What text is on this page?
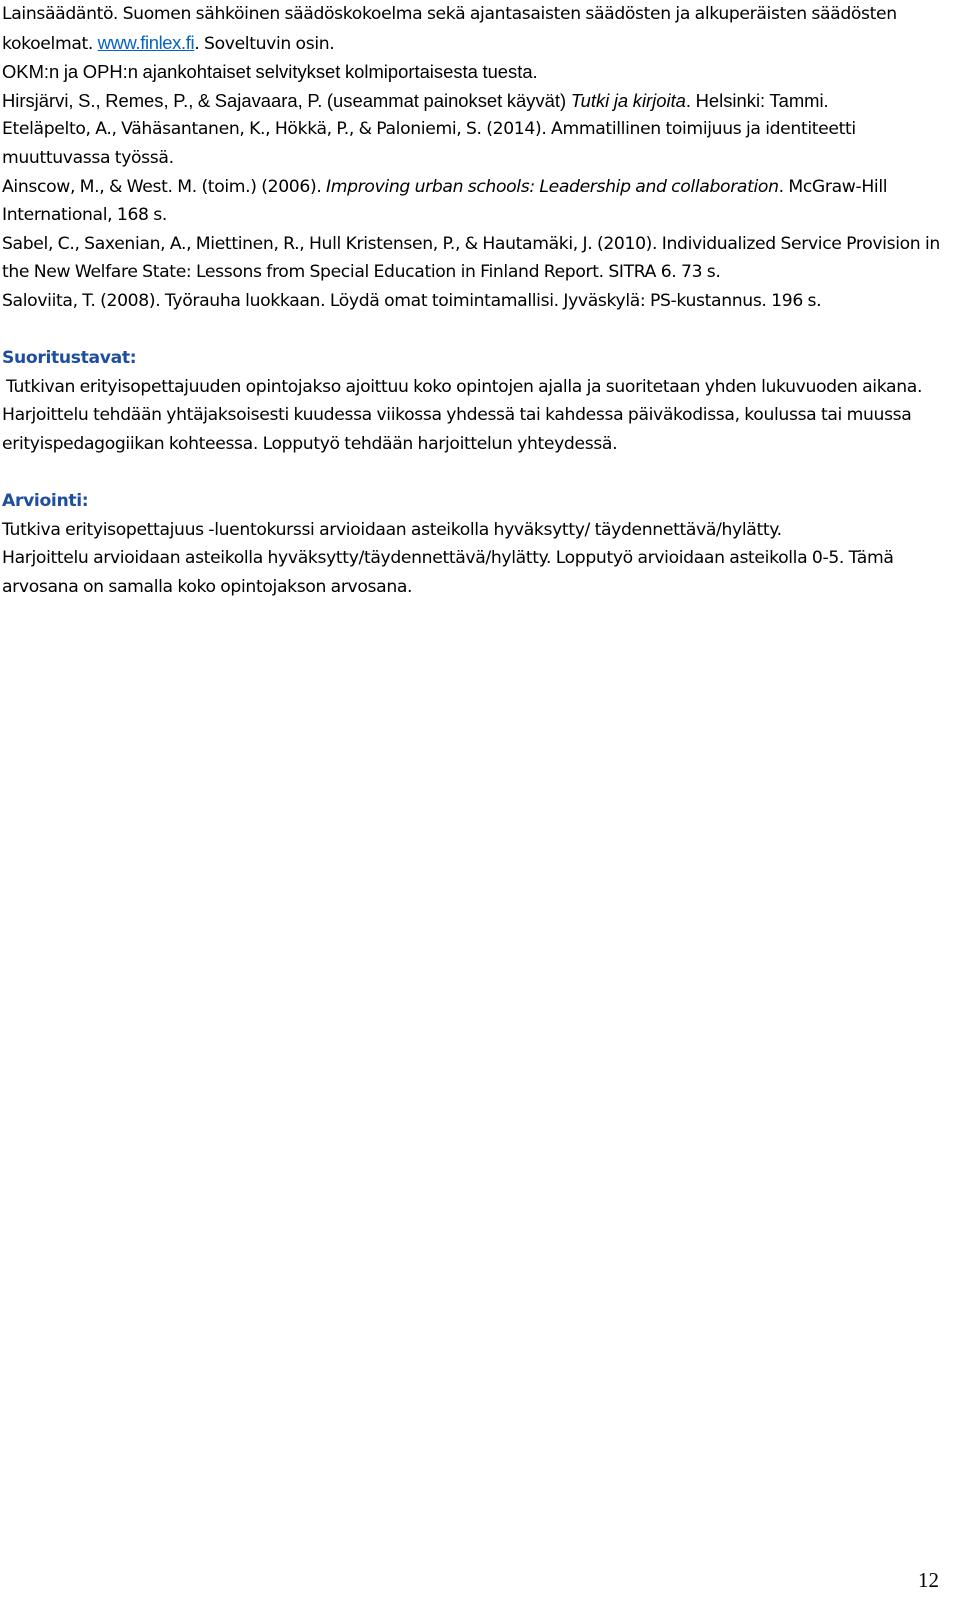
Lainsäädäntö. Suomen sähköinen säädöskokoelma sekä ajantasaisten säädösten ja alkuperäisten säädösten kokoelmat. www.finlex.fi. Soveltuvin osin.

OKM:n ja OPH:n ajankohtaiset selvitykset kolmiportaisesta tuesta.

Hirsjärvi, S., Remes, P., & Sajavaara, P. (useammat painokset käyvät) Tutki ja kirjoita. Helsinki: Tammi.

Eteläpelto, A., Vähäsantanen, K., Hökkä, P., & Paloniemi, S. (2014). Ammatillinen toimijuus ja identiteetti muuttuvassa työssä.

Ainscow, M., & West. M. (toim.) (2006). Improving urban schools: Leadership and collaboration. McGraw-Hill International, 168 s.

Sabel, C., Saxenian, A., Miettinen, R., Hull Kristensen, P., & Hautamäki, J. (2010). Individualized Service Provision in the New Welfare State: Lessons from Special Education in Finland Report. SITRA 6. 73 s.

Saloviita, T. (2008). Työrauha luokkaan. Löydä omat toimintamallisi. Jyväskylä: PS-kustannus. 196 s.

Suoritustavat:

Tutkivan erityisopettajuuden opintojakso ajoittuu koko opintojen ajalla ja suoritetaan yhden lukuvuoden aikana.

Harjoittelu tehdään yhtäjaksoisesti kuudessa viikossa yhdessä tai kahdessa päiväkodissa, koulussa tai muussa erityispedagogiikan kohteessa. Lopputyö tehdään harjoittelun yhteydessä.

Arviointi:

Tutkiva erityisopettajuus -luentokurssi arvioidaan asteikolla hyväksytty/ täydennettävä/hylätty.

Harjoittelu arvioidaan asteikolla hyväksytty/täydennettävä/hylätty. Lopputyö arvioidaan asteikolla 0-5. Tämä arvosana on samalla koko opintojakson arvosana.

12
